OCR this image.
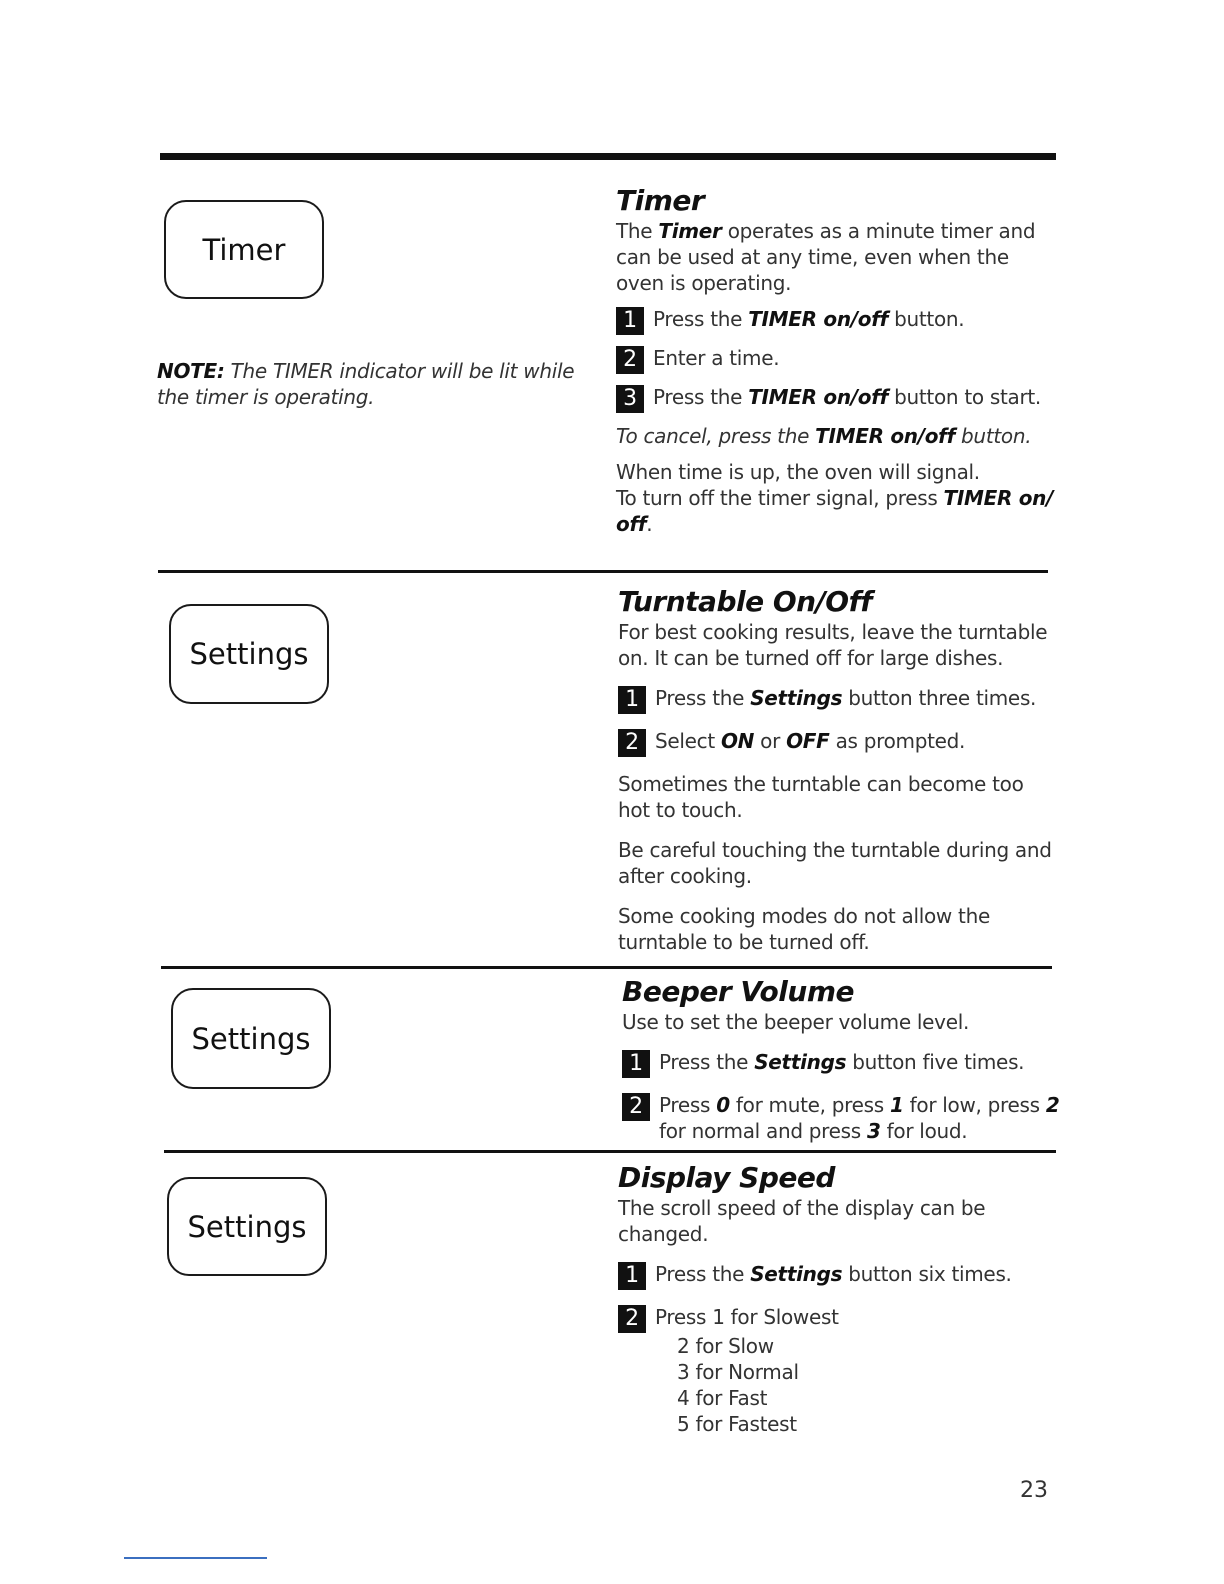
Timer
NOTE: The TIMER indicator will be lit while the timer is operating.
Timer

The Timer operates as a minute timer and can be used at any time, even when the oven is operating.

1 Press the TIMER on/off button.
2 Enter a time.
3 Press the TIMER on/off button to start.

To cancel, press the TIMER on/off button.

When time is up, the oven will signal.

To turn off the timer signal, press TIMER on/ off.

Settings
Turntable On/Off

For best cooking results, leave the turntable on. It can be turned off for large dishes.

1 Press the Settings button three times.
2 Select ON or OFF as prompted.

Sometimes the turntable can become too hot to touch.

Be careful touching the turntable during and after cooking.

Some cooking modes do not allow the turntable to be turned off.

Settings
Beeper Volume

Use to set the beeper volume level.

1 Press the Settings button five times.
2 Press 0 for mute, press 1 for low, press 2 for normal and press 3 for loud.
Settings
Display Speed

The scroll speed of the display can be changed.

1 Press the Settings button six times.
2 Press 1 for Slowest
2 for Slow
3 for Normal
4 for Fast
5 for Fastest
23
